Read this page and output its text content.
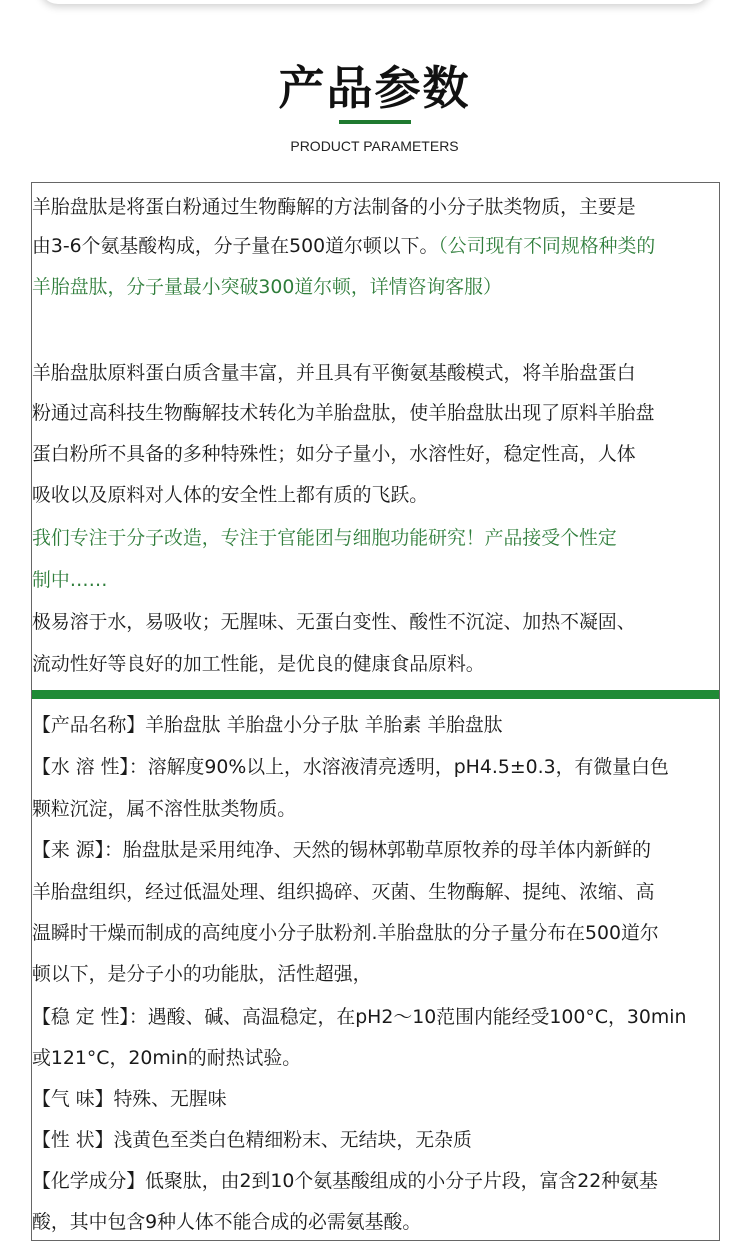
产品参数
PRODUCT PARAMETERS

羊胎盘肽是将蛋白粉通过生物酶解的方法制备的小分子肽类物质，主要是

由3-6个氨基酸构成，分子量在500道尔顿以下。（公司现有不同规格种类的

羊胎盘肽，分子量最小突破300道尔顿，详情咨询客服）

羊胎盘肽原料蛋白质含量丰富，并且具有平衡氨基酸模式，将羊胎盘蛋白

粉通过高科技生物酶解技术转化为羊胎盘肽，使羊胎盘肽出现了原料羊胎盘

蛋白粉所不具备的多种特殊性；如分子量小，水溶性好，稳定性高，人体

吸收以及原料对人体的安全性上都有质的飞跃。

我们专注于分子改造，专注于官能团与细胞功能研究！产品接受个性定

制中……

极易溶于水，易吸收；无腥味、无蛋白变性、酸性不沉淀、加热不凝固、

流动性好等良好的加工性能，是优良的健康食品原料。

【产品名称】羊胎盘肽 羊胎盘小分子肽 羊胎素 羊胎盘肽

【水 溶 性】：溶解度90%以上，水溶液清亮透明，pH4.5±0.3，有微量白色

颗粒沉淀，属不溶性肽类物质。

【来 源】：胎盘肽是采用纯净、天然的锡林郭勒草原牧养的母羊体内新鲜的

羊胎盘组织，经过低温处理、组织捣碎、灭菌、生物酶解、提纯、浓缩、高

温瞬时干燥而制成的高纯度小分子肽粉剂.羊胎盘肽的分子量分布在500道尔

顿以下，是分子小的功能肽，活性超强，

【稳 定 性】：遇酸、碱、高温稳定，在pH2～10范围内能经受100°C，30min

或121°C，20min的耐热试验。

【气 味】特殊、无腥味

【性 状】浅黄色至类白色精细粉末、无结块，无杂质

【化学成分】低聚肽，由2到10个氨基酸组成的小分子片段，富含22种氨基

酸，其中包含9种人体不能合成的必需氨基酸。
